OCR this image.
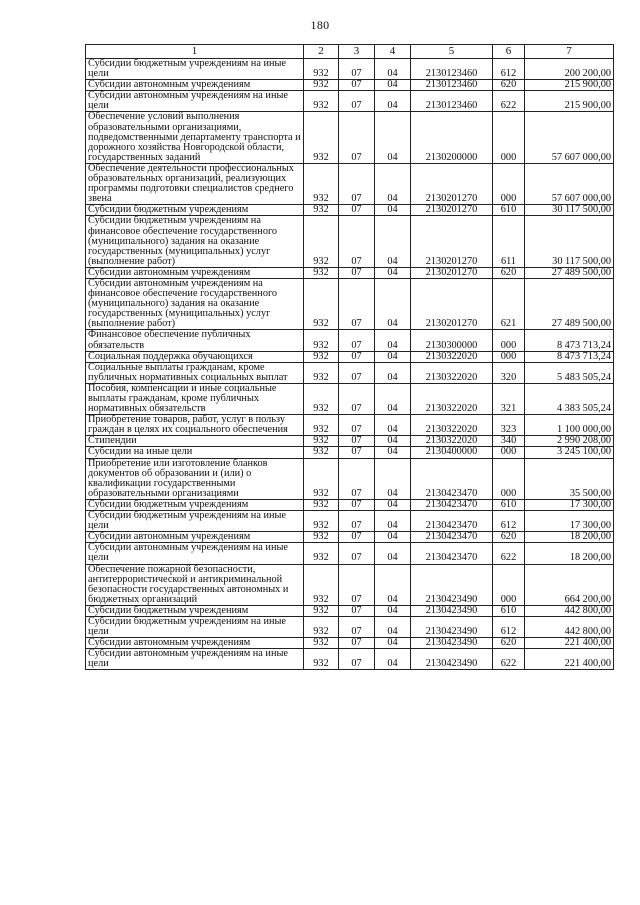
180
1	2	3	4	5	6	7
Субсидии бюджетным учреждениям на иные цели	932	07	04	2130123460	612	200 200,00
Субсидии автономным учреждениям	932	07	04	2130123460	620	215 900,00
Субсидии автономным учреждениям на иные цели	932	07	04	2130123460	622	215 900,00
Обеспечение условий выполнения образовательными организациями, подведомственными департаменту транспорта и дорожного хозяйства Новгородской области, государственных заданий	932	07	04	2130200000	000	57 607 000,00
Обеспечение деятельности профессиональных образовательных организаций, реализующих программы подготовки специалистов среднего звена	932	07	04	2130201270	000	57 607 000,00
Субсидии бюджетным учреждениям	932	07	04	2130201270	610	30 117 500,00
Субсидии бюджетным учреждениям на финансовое обеспечение государственного (муниципального) задания на оказание государственных (муниципальных) услуг (выполнение работ)	932	07	04	2130201270	611	30 117 500,00
Субсидии автономным учреждениям	932	07	04	2130201270	620	27 489 500,00
Субсидии автономным учреждениям на финансовое обеспечение государственного (муниципального) задания на оказание государственных (муниципальных) услуг (выполнение работ)	932	07	04	2130201270	621	27 489 500,00
Финансовое обеспечение публичных обязательств	932	07	04	2130300000	000	8 473 713,24
Социальная поддержка обучающихся	932	07	04	2130322020	000	8 473 713,24
Социальные выплаты гражданам, кроме публичных нормативных социальных выплат	932	07	04	2130322020	320	5 483 505,24
Пособия, компенсации и иные социальные выплаты гражданам, кроме публичных нормативных обязательств	932	07	04	2130322020	321	4 383 505,24
Приобретение товаров, работ, услуг в пользу граждан в целях их социального обеспечения	932	07	04	2130322020	323	1 100 000,00
Стипендии	932	07	04	2130322020	340	2 990 208,00
Субсидии на иные цели	932	07	04	2130400000	000	3 245 100,00
Приобретение или изготовление бланков документов об образовании и (или) о квалификации государственными образовательными организациями	932	07	04	2130423470	000	35 500,00
Субсидии бюджетным учреждениям	932	07	04	2130423470	610	17 300,00
Субсидии бюджетным учреждениям на иные цели	932	07	04	2130423470	612	17 300,00
Субсидии автономным учреждениям	932	07	04	2130423470	620	18 200,00
Субсидии автономным учреждениям на иные цели	932	07	04	2130423470	622	18 200,00
Обеспечение пожарной безопасности, антитеррористической и антикриминальной безопасности государственных автономных и бюджетных организаций	932	07	04	2130423490	000	664 200,00
Субсидии бюджетным учреждениям	932	07	04	2130423490	610	442 800,00
Субсидии бюджетным учреждениям на иные цели	932	07	04	2130423490	612	442 800,00
Субсидии автономным учреждениям	932	07	04	2130423490	620	221 400,00
Субсидии автономным учреждениям на иные цели	932	07	04	2130423490	622	221 400,00
